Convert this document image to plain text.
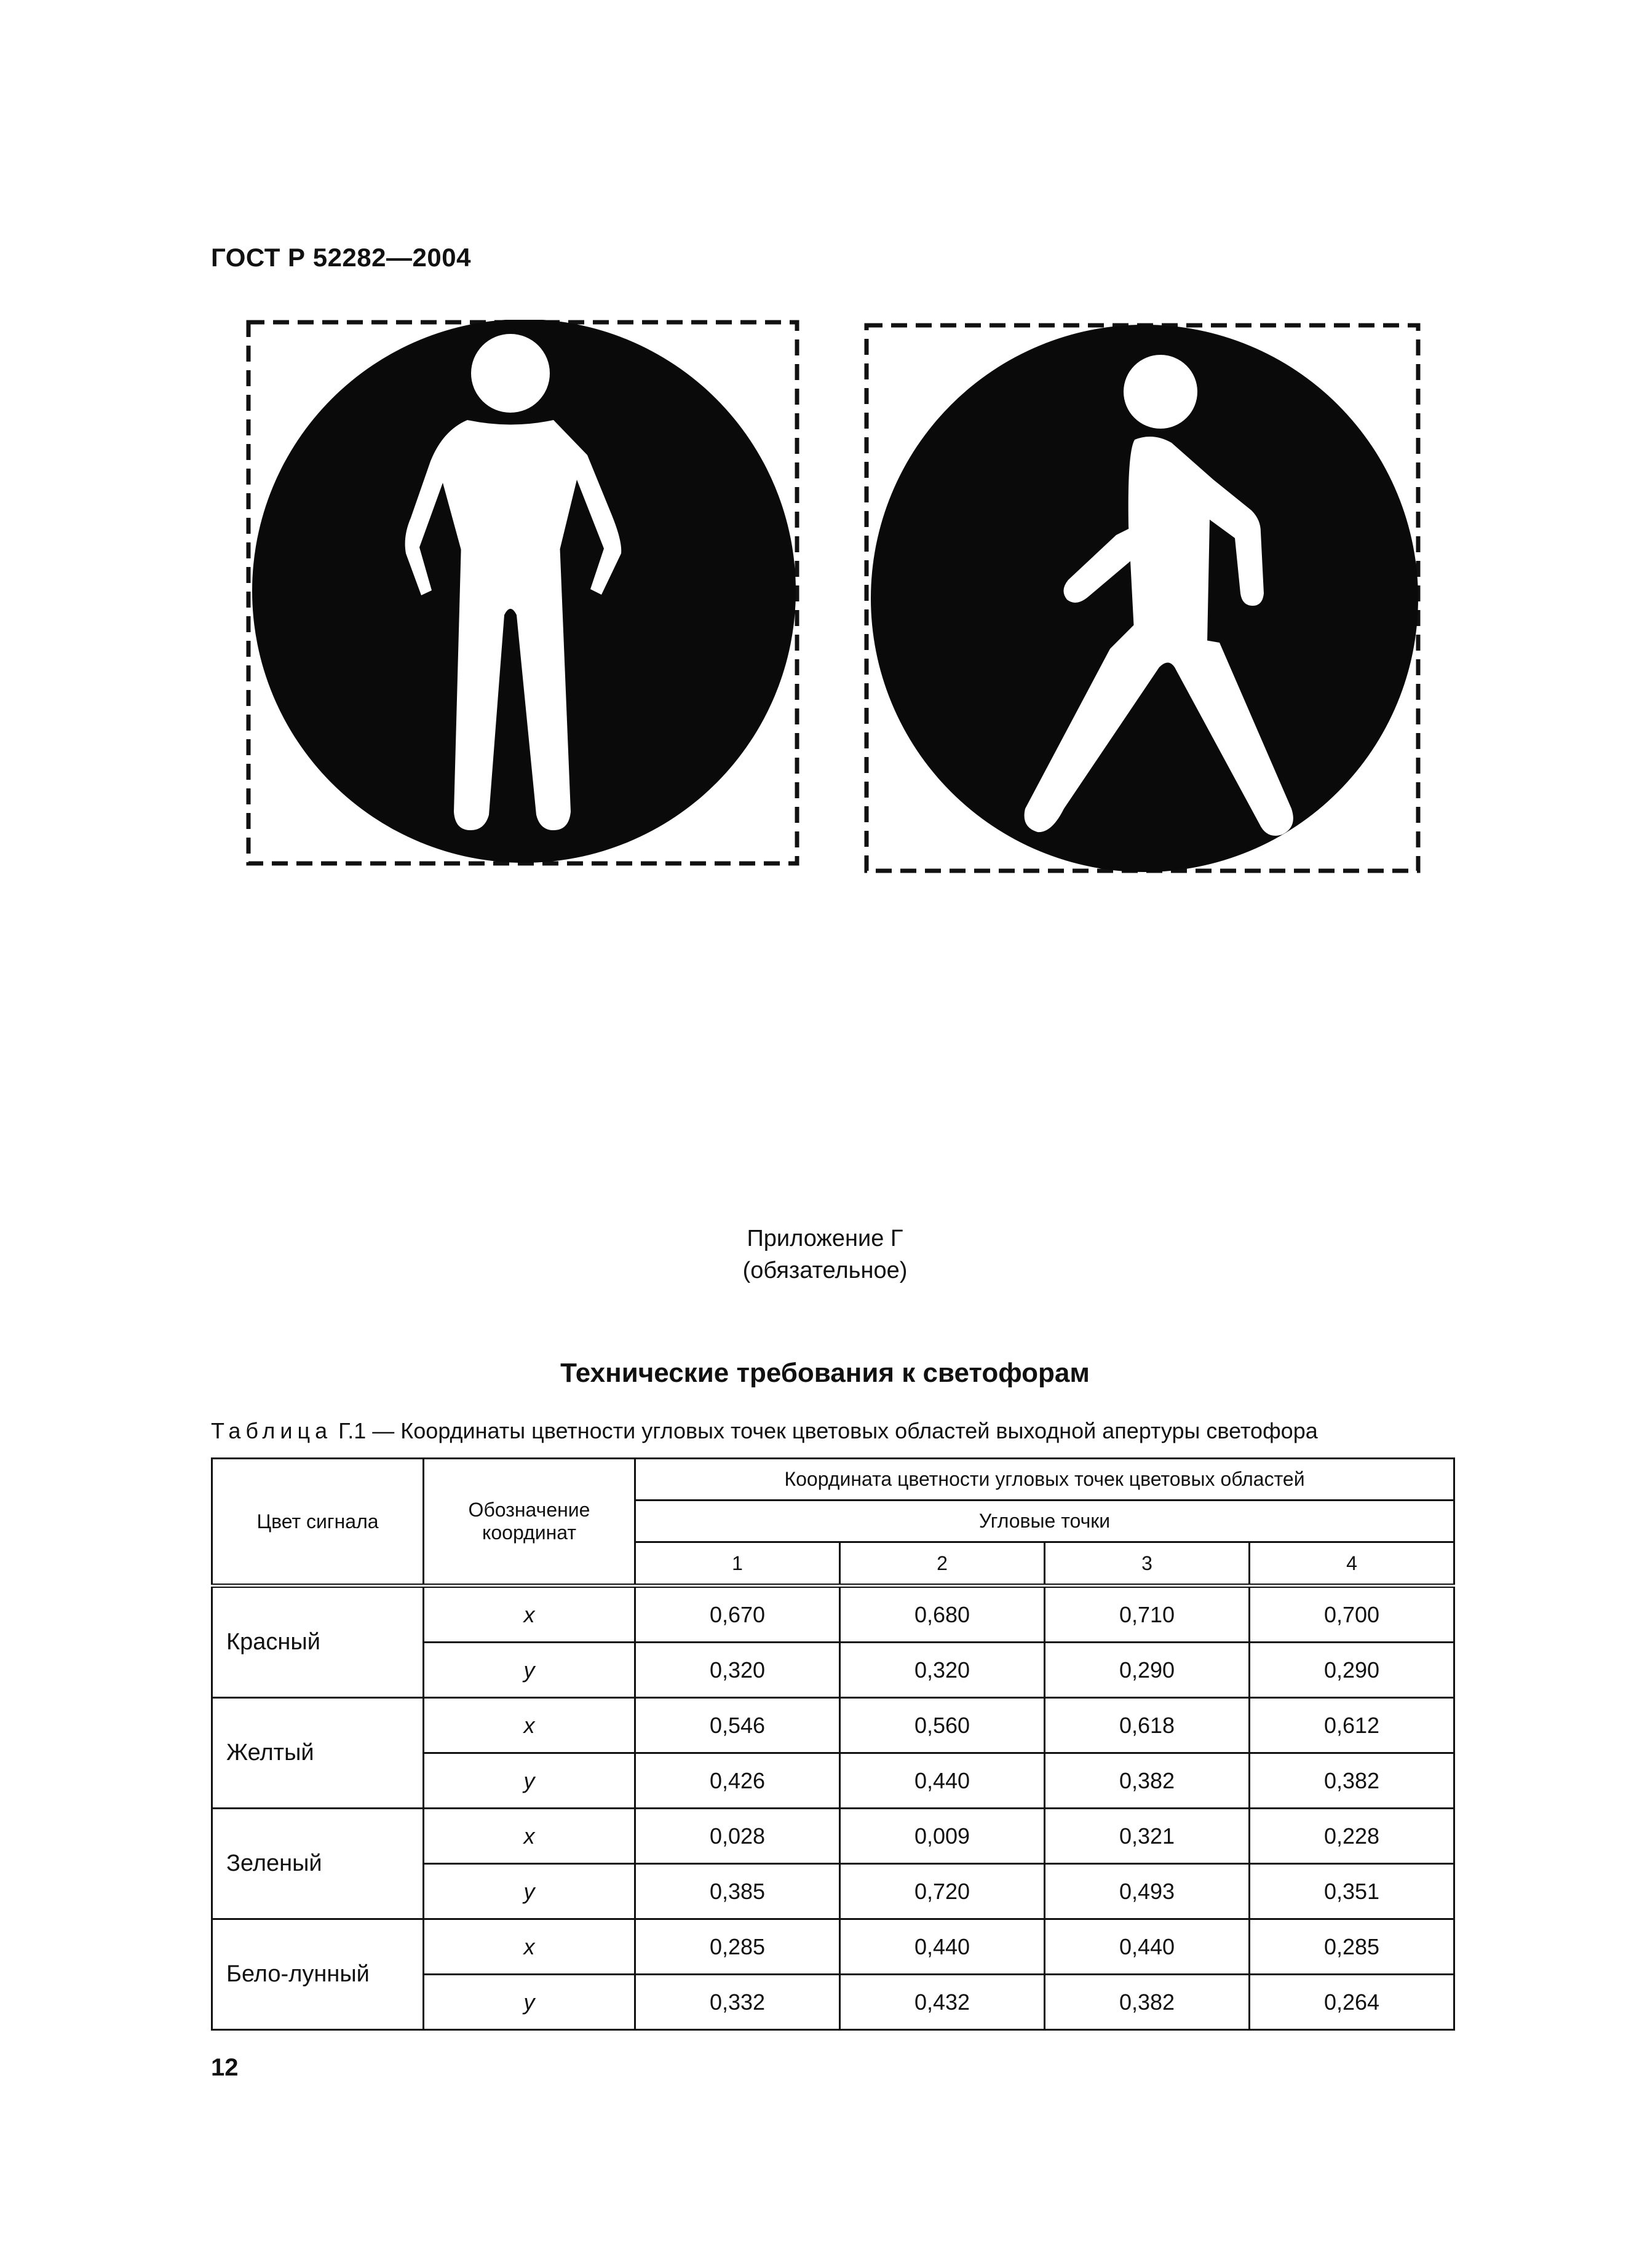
ГОСТ Р 52282—2004
Приложение Г
(обязательное)
Технические требования к светофорам
Таблица Г.1 — Координаты цветности угловых точек цветовых областей выходной апертуры светофора
Цвет сигнала	Обозначение координат	Координата цветности угловых точек цветовых областей			
		Угловые точки			
		1	2	3	4
Красный	x	0,670	0,680	0,710	0,700
	y	0,320	0,320	0,290	0,290
Желтый	x	0,546	0,560	0,618	0,612
	y	0,426	0,440	0,382	0,382
Зеленый	x	0,028	0,009	0,321	0,228
	y	0,385	0,720	0,493	0,351
Бело-лунный	x	0,285	0,440	0,440	0,285
	y	0,332	0,432	0,382	0,264
12
